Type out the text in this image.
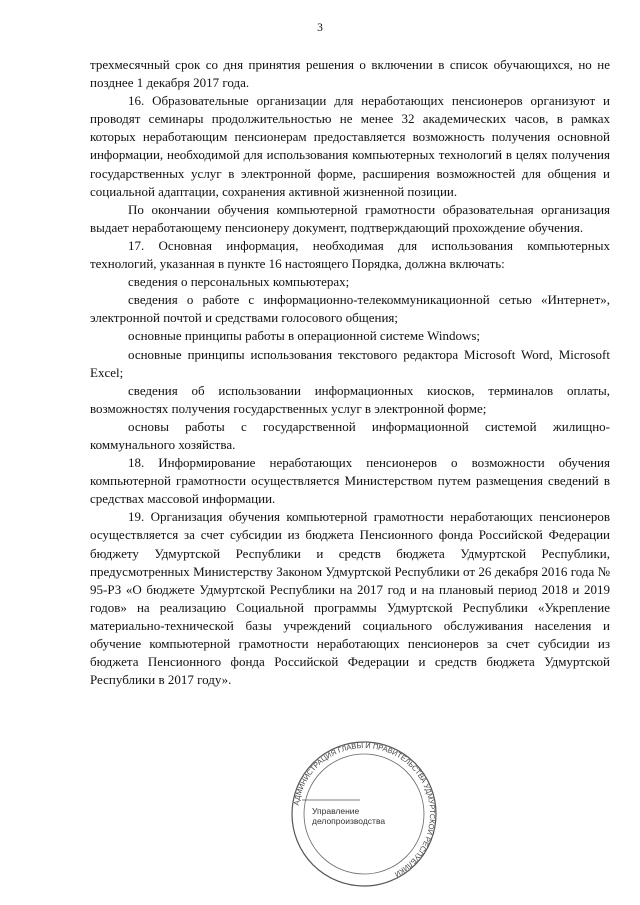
3

трехмесячный срок со дня принятия решения о включении в список обучающихся, но не позднее 1 декабря 2017 года.

16. Образовательные организации для неработающих пенсионеров организуют и проводят семинары продолжительностью не менее 32 академических часов, в рамках которых неработающим пенсионерам предоставляется возможность получения основной информации, необходимой для использования компьютерных технологий в целях получения государственных услуг в электронной форме, расширения возможностей для общения и социальной адаптации, сохранения активной жизненной позиции.

По окончании обучения компьютерной грамотности образовательная организация выдает неработающему пенсионеру документ, подтверждающий прохождение обучения.

17. Основная информация, необходимая для использования компьютерных технологий, указанная в пункте 16 настоящего Порядка, должна включать:

сведения о персональных компьютерах;

сведения о работе с информационно-телекоммуникационной сетью «Интернет», электронной почтой и средствами голосового общения;

основные принципы работы в операционной системе Windows;

основные принципы использования текстового редактора Microsoft Word, Microsoft Excel;

сведения об использовании информационных киосков, терминалов оплаты, возможностях получения государственных услуг в электронной форме;

основы работы с государственной информационной системой жилищно-коммунального хозяйства.

18. Информирование неработающих пенсионеров о возможности обучения компьютерной грамотности осуществляется Министерством путем размещения сведений в средствах массовой информации.

19. Организация обучения компьютерной грамотности неработающих пенсионеров осуществляется за счет субсидии из бюджета Пенсионного фонда Российской Федерации бюджету Удмуртской Республики и средств бюджета Удмуртской Республики, предусмотренных Министерству Законом Удмуртской Республики от 26 декабря 2016 года № 95-РЗ «О бюджете Удмуртской Республики на 2017 год и на плановый период 2018 и 2019 годов» на реализацию Социальной программы Удмуртской Республики «Укрепление материально-технической базы учреждений социального обслуживания населения и обучение компьютерной грамотности неработающих пенсионеров за счет субсидии из бюджета Пенсионного фонда Российской Федерации и средств бюджета Удмуртской Республики в 2017 году».

АДМИНИСТРАЦИЯ ГЛАВЫ И ПРАВИТЕЛЬСТВА УДМУРТСКОЙ РЕСПУБЛИКИ
Управление
делопроизводства
